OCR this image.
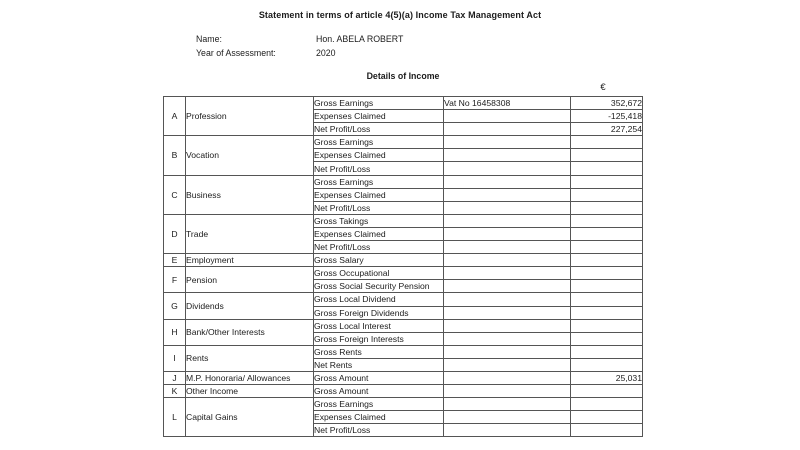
Statement in terms of article 4(5)(a) Income Tax Management Act
Name:	Hon. ABELA ROBERT
Year of Assessment:	2020
Details of Income
€
A	Profession	Gross Earnings	Vat No 16458308	352,672
		Expenses Claimed		-125,418
		Net Profit/Loss		227,254
B	Vocation	Gross Earnings		
		Expenses Claimed		
		Net Profit/Loss		
C	Business	Gross Earnings		
		Expenses Claimed		
		Net Profit/Loss		
D	Trade	Gross Takings		
		Expenses Claimed		
		Net Profit/Loss		
E	Employment	Gross Salary		
F	Pension	Gross Occupational		
		Gross Social Security Pension		
G	Dividends	Gross Local Dividend		
		Gross Foreign Dividends		
H	Bank/Other Interests	Gross Local Interest		
		Gross Foreign Interests		
I	Rents	Gross Rents		
		Net Rents		
J	M.P. Honoraria/ Allowances	Gross Amount		25,031
K	Other Income	Gross Amount		
L	Capital Gains	Gross Earnings		
		Expenses Claimed		
		Net Profit/Loss		
